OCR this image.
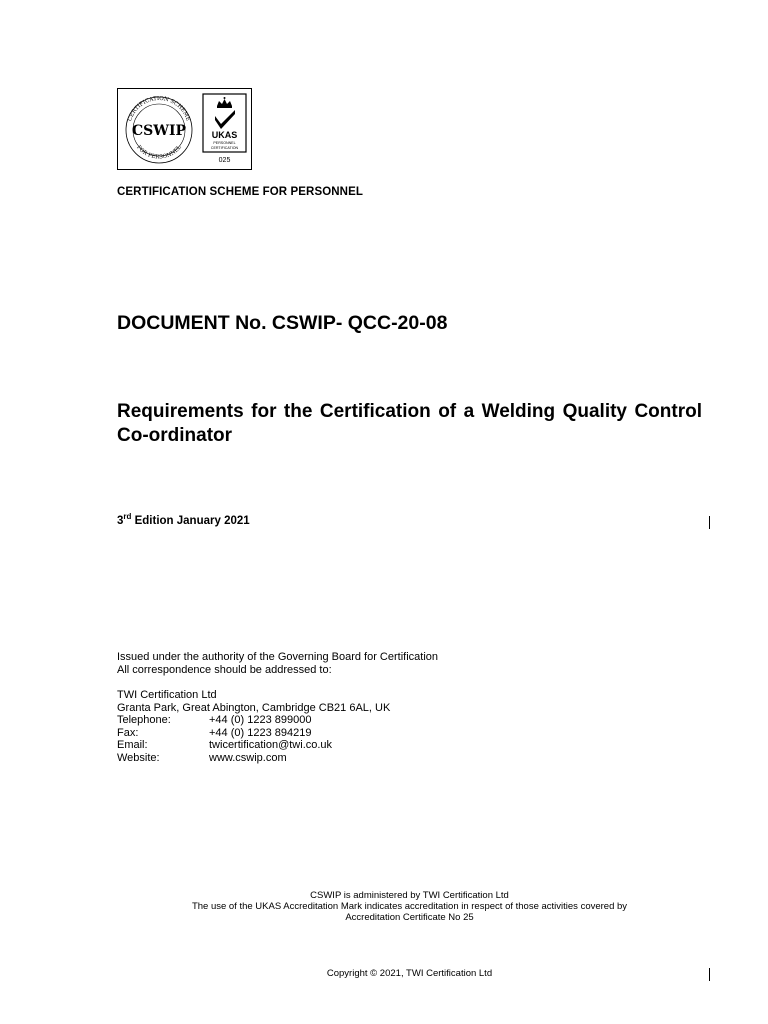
CERTIFICATION SCHEME
FOR PERSONNEL
CSWIP	UKAS
PERSONNEL
CERTIFICATION
025
CERTIFICATION SCHEME FOR PERSONNEL
DOCUMENT No. CSWIP- QCC-20-08
Requirements for the Certification of a Welding Quality Control Co-ordinator
3rd Edition January 2021
Issued under the authority of the Governing Board for Certification
All correspondence should be addressed to:
TWI Certification Ltd
Granta Park, Great Abington, Cambridge CB21 6AL, UK
Telephone:	+44 (0) 1223 899000
Fax:	+44 (0) 1223 894219
Email:	twicertification@twi.co.uk
Website:	www.cswip.com
CSWIP is administered by TWI Certification Ltd
The use of the UKAS Accreditation Mark indicates accreditation in respect of those activities covered by
Accreditation Certificate No 25
Copyright © 2021, TWI Certification Ltd
